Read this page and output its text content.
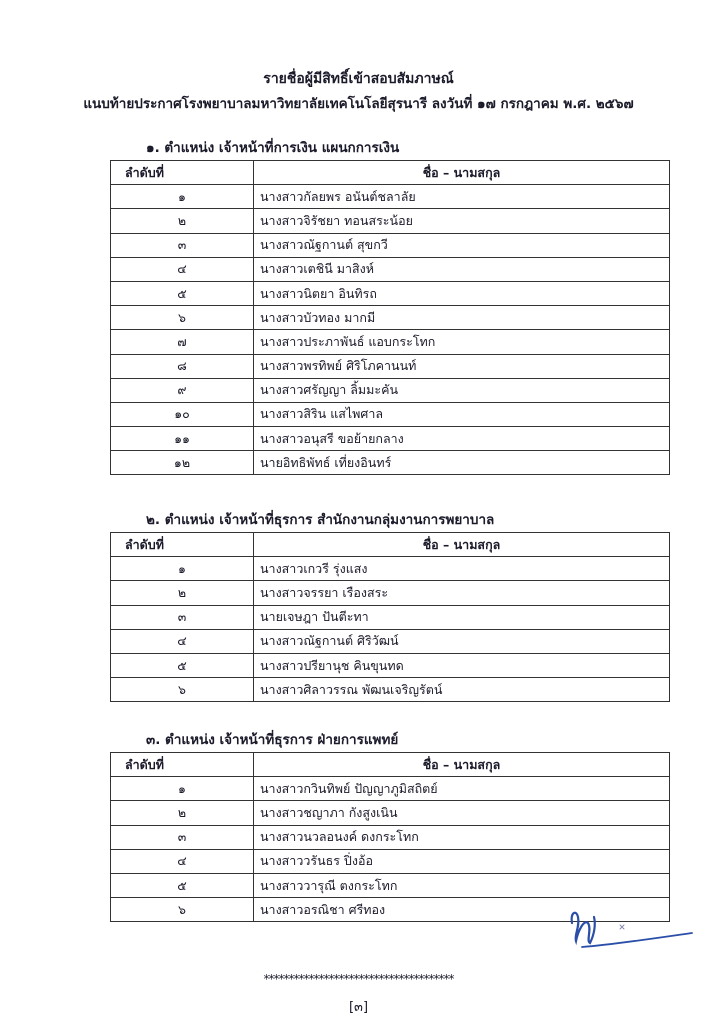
รายชื่อผู้มีสิทธิ์เข้าสอบสัมภาษณ์
แนบท้ายประกาศโรงพยาบาลมหาวิทยาลัยเทคโนโลยีสุรนารี ลงวันที่ ๑๗ กรกฎาคม พ.ศ. ๒๕๖๗
๑. ตำแหน่ง เจ้าหน้าที่การเงิน แผนกการเงิน
ลำดับที่	ชื่อ – นามสกุล
๑	นางสาวกัลยพร อนันต์ชลาลัย
๒	นางสาวจิรัชยา ทอนสระน้อย
๓	นางสาวณัฐกานต์ สุขกวี
๔	นางสาวเตชินี มาสิงห์
๕	นางสาวนิตยา อินทิรถ
๖	นางสาวบัวทอง มากมี
๗	นางสาวประภาพันธ์ แอบกระโทก
๘	นางสาวพรทิพย์ ศิริโภคานนท์
๙	นางสาวศรัญญา ลิ้มมะคัน
๑๐	นางสาวสิริน แสไพศาล
๑๑	นางสาวอนุสรี ขอย้ายกลาง
๑๒	นายอิทธิพัทธ์ เที่ยงอินทร์
๒. ตำแหน่ง เจ้าหน้าที่ธุรการ สำนักงานกลุ่มงานการพยาบาล
ลำดับที่	ชื่อ – นามสกุล
๑	นางสาวเกวรี รุ่งแสง
๒	นางสาวจรรยา เรืองสระ
๓	นายเจษฎา ปันตีะทา
๔	นางสาวณัฐกานต์ ศิริวัฒน์
๕	นางสาวปรียานุช คินขุนทด
๖	นางสาวศิลาวรรณ พัฒนเจริญรัตน์
๓. ตำแหน่ง เจ้าหน้าที่ธุรการ ฝ่ายการแพทย์
ลำดับที่	ชื่อ – นามสกุล
๑	นางสาวกวินทิพย์ ปัญญาภูมิสถิตย์
๒	นางสาวชญาภา กังสูงเนิน
๓	นางสาวนวลอนงค์ ดงกระโทก
๔	นางสาววรันธร ปิ่งอ้อ
๕	นางสาววารุณี ตงกระโทก
๖	นางสาวอรณิชา ศรีทอง
**************************************
[๓]
